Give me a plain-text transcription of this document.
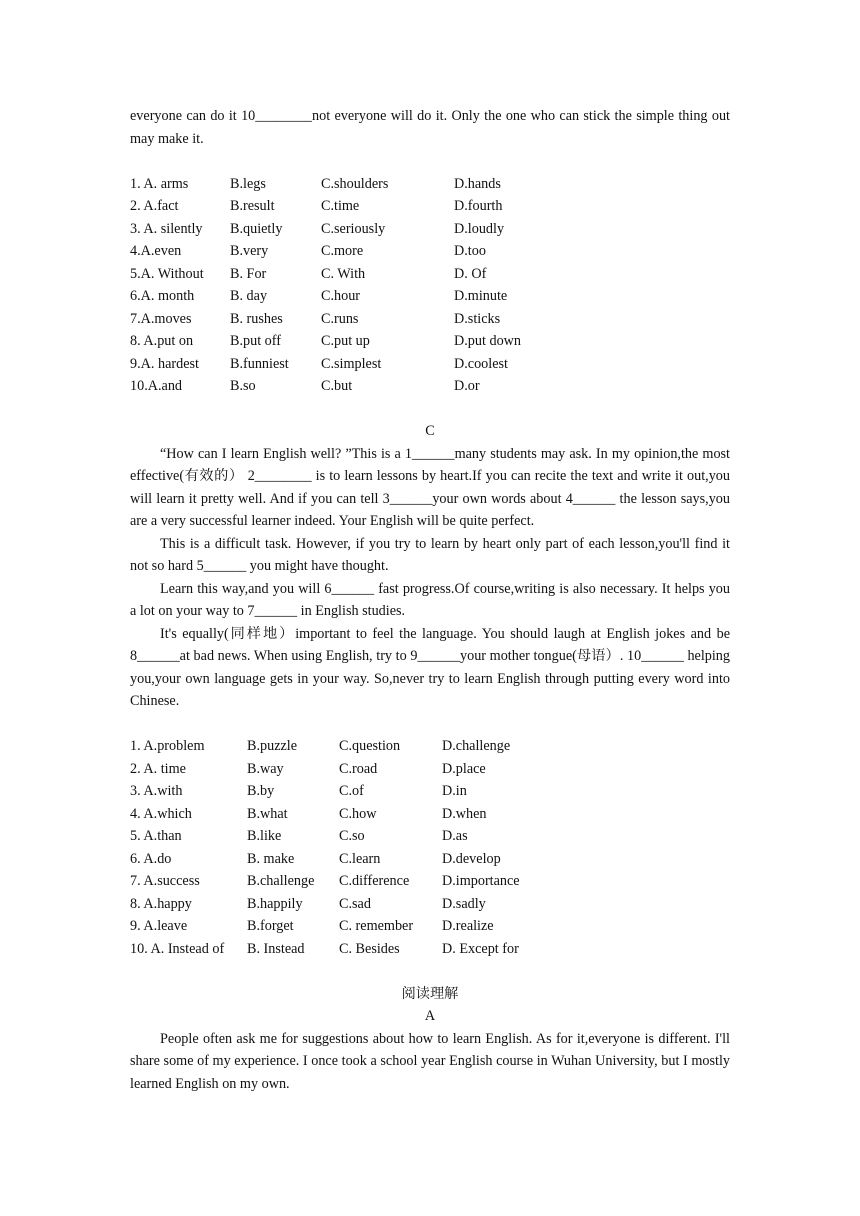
everyone can do it 10________not everyone will do it. Only the one who can stick the simple thing out may make it.

1. A. arms	B.legs	C.shoulders	D.hands
2. A.fact	B.result	C.time	D.fourth
3. A. silently B.quietly	C.seriously	D.loudly
4.A.even	B.very	C.more	D.too
5.A. Without B. For	C. With	D. Of
6.A. month	B. day	C.hour	D.minute
7.A.moves	B. rushes	C.runs	D.sticks
8. A.put on	B.put off	C.put up	D.put down
9.A. hardest B.funniest C.simplest	D.coolest
10.A.and	B.so	C.but	D.or

C

“How can I learn English well? ”This is a 1______many students may ask. In my opinion,the most effective(有效的） 2________ is to learn lessons by heart.If you can recite the text and write it out,you will learn it pretty well. And if you can tell 3______your own words about 4______ the lesson says,you are a very successful learner indeed. Your English will be quite perfect.

This is a difficult task. However, if you try to learn by heart only part of each lesson,you'll find it not so hard 5______ you might have thought.

Learn this way,and you will 6______ fast progress.Of course,writing is also necessary. It helps you a lot on your way to 7______ in English studies.

It's equally(同样地）important to feel the language. You should laugh at English jokes and be 8______at bad news. When using English, try to 9______your mother tongue(母语）. 10______ helping you,your own language gets in your way. So,never try to learn English through putting every word into Chinese.

1. A.problem	B.puzzle	C.question	D.challenge
2. A. time	B.way	C.road	D.place
3. A.with	B.by	C.of	D.in
4. A.which	B.what	C.how	D.when
5. A.than	B.like	C.so	D.as
6. A.do	B. make	C.learn	D.develop
7. A.success	B.challenge C.difference D.importance
8. A.happy	B.happily	C.sad	D.sadly
9. A.leave	B.forget	C. remember D.realize
10. A. Instead of B. Instead C. Besides	D. Except for

阅读理解

A

People often ask me for suggestions about how to learn English. As for it,everyone is different. I'll share some of my experience. I once took a school year English course in Wuhan University, but I mostly learned English on my own.
